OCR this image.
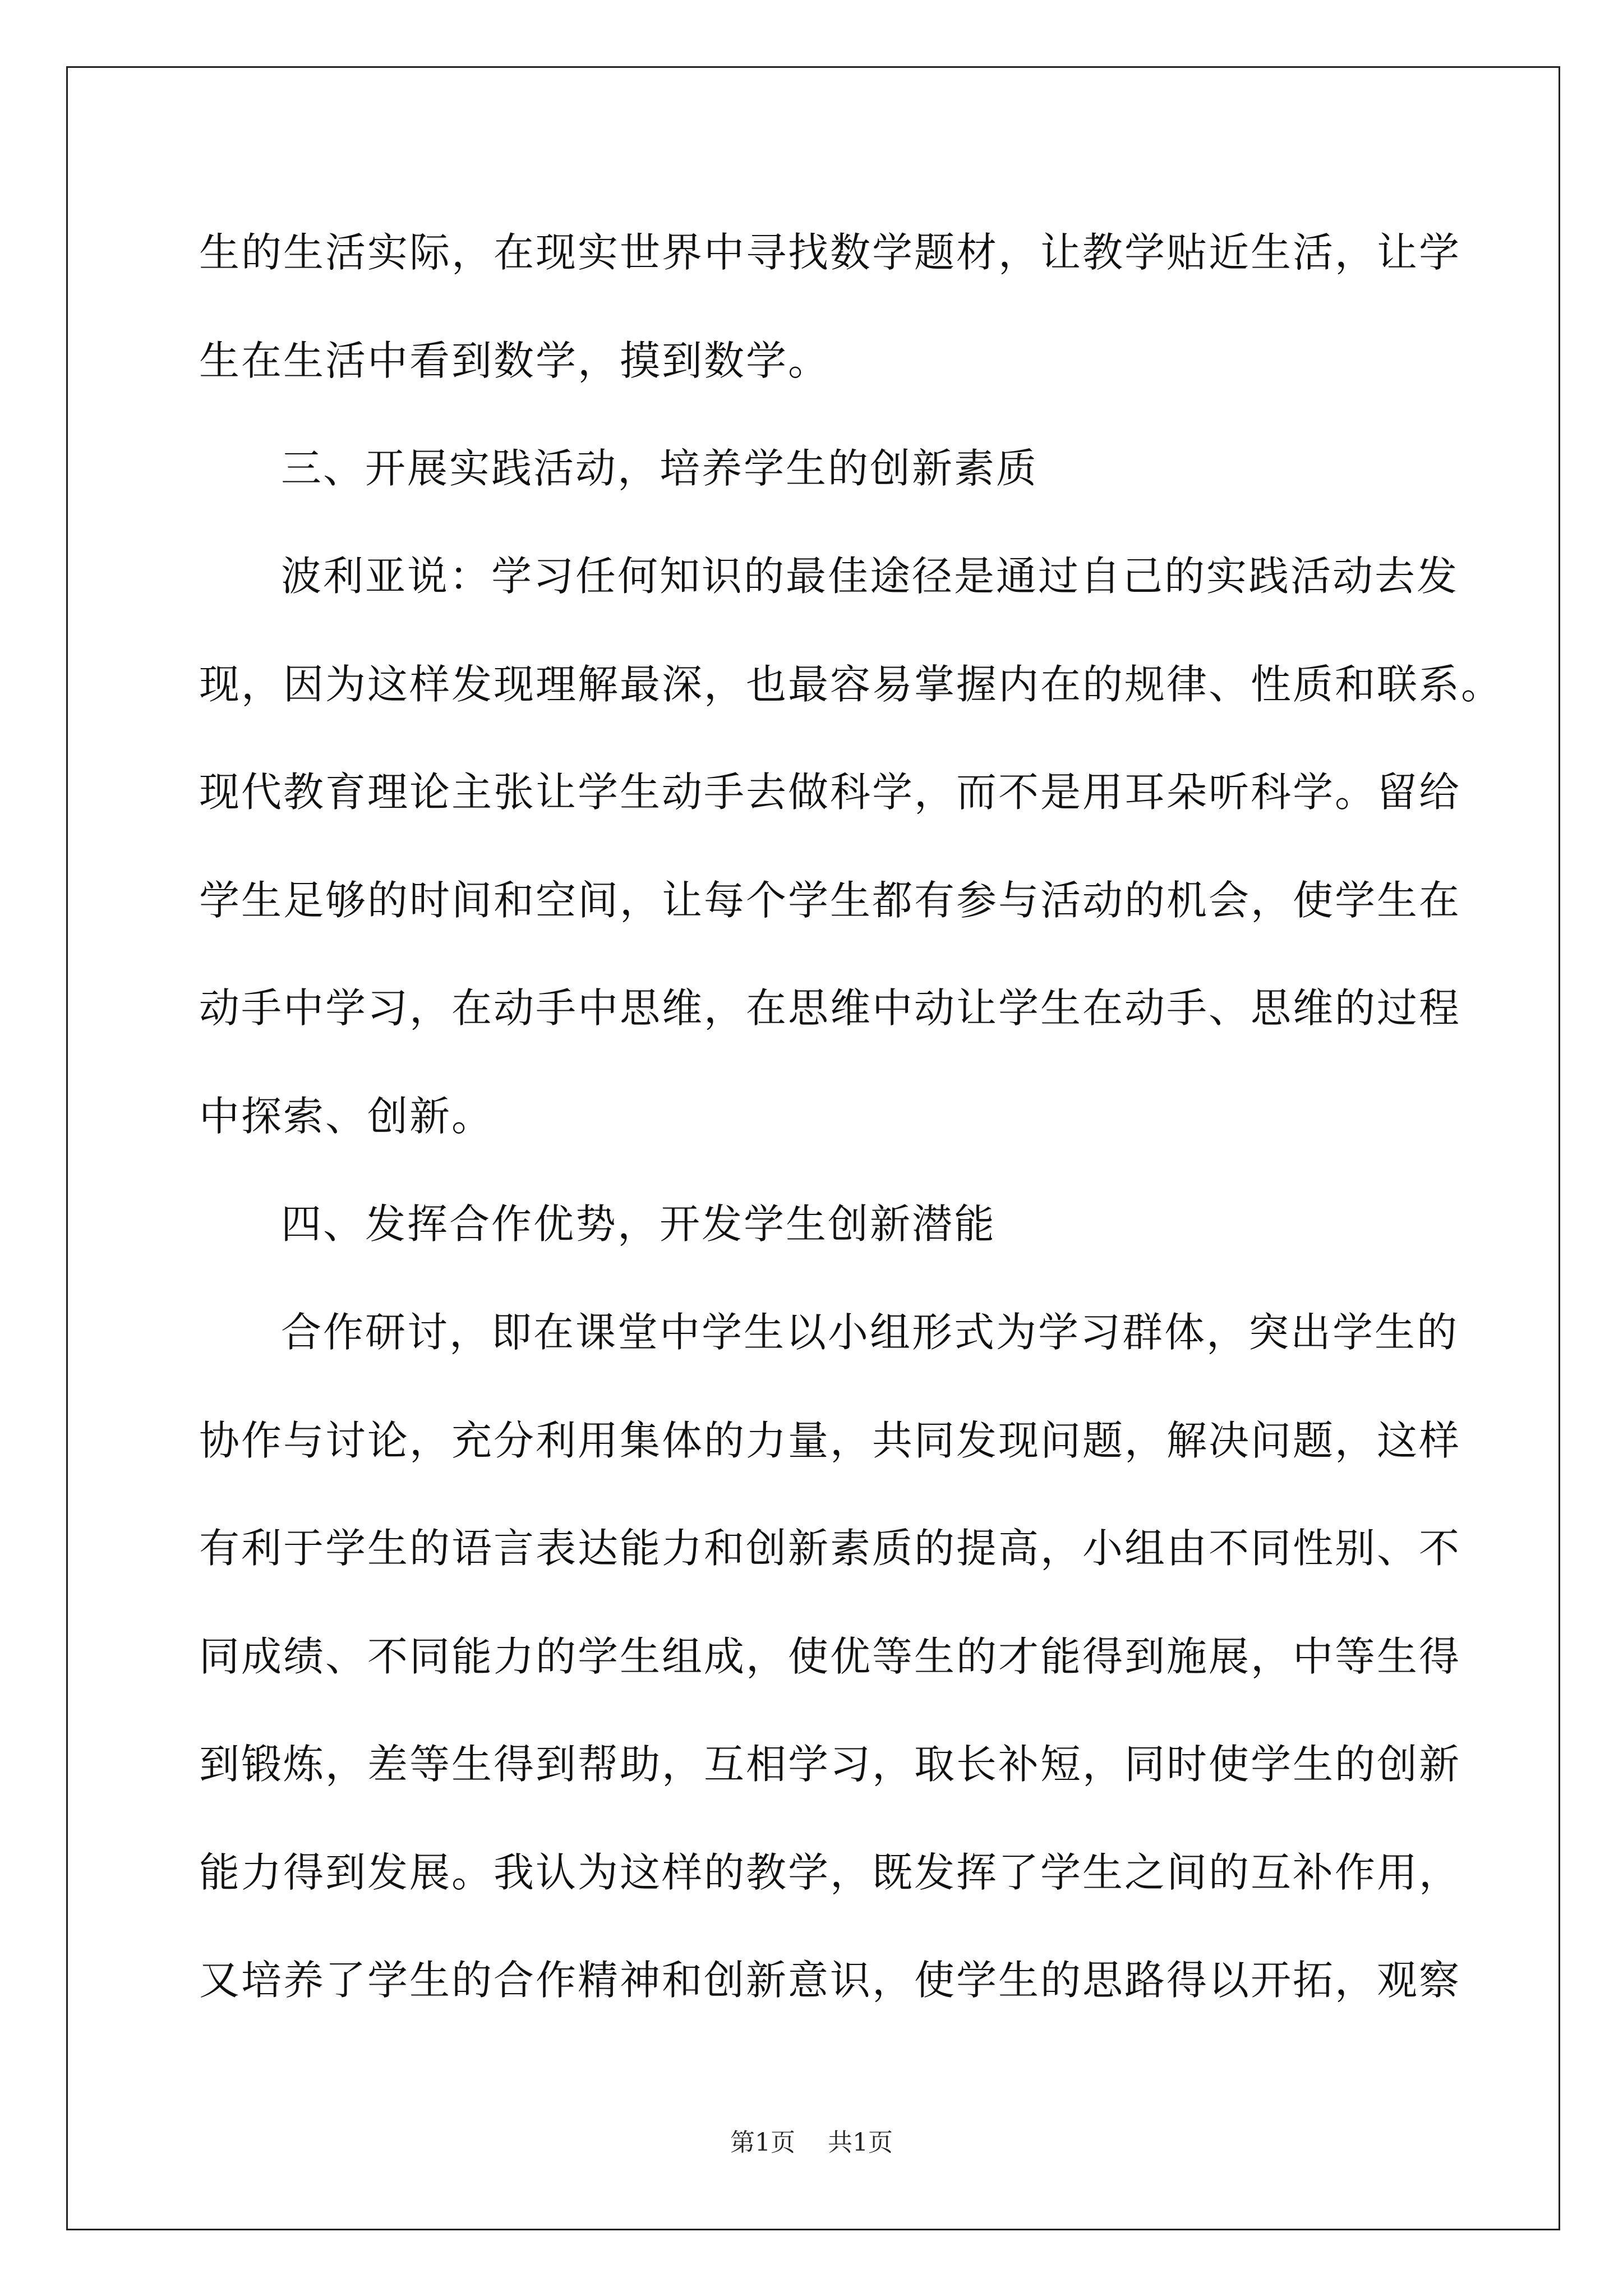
生的生活实际，在现实世界中寻找数学题材，让教学贴近生活，让学
生在生活中看到数学，摸到数学。
三、开展实践活动，培养学生的创新素质
波利亚说：学习任何知识的最佳途径是通过自己的实践活动去发
现，因为这样发现理解最深，也最容易掌握内在的规律、性质和联系。
现代教育理论主张让学生动手去做科学，而不是用耳朵听科学。留给
学生足够的时间和空间，让每个学生都有参与活动的机会，使学生在
动手中学习，在动手中思维，在思维中动让学生在动手、思维的过程
中探索、创新。
四、发挥合作优势，开发学生创新潜能
合作研讨，即在课堂中学生以小组形式为学习群体，突出学生的
协作与讨论，充分利用集体的力量，共同发现问题，解决问题，这样
有利于学生的语言表达能力和创新素质的提高，小组由不同性别、不
同成绩、不同能力的学生组成，使优等生的才能得到施展，中等生得
到锻炼，差等生得到帮助，互相学习，取长补短，同时使学生的创新
能力得到发展。我认为这样的教学，既发挥了学生之间的互补作用，
又培养了学生的合作精神和创新意识，使学生的思路得以开拓，观察
第1页 共1页
